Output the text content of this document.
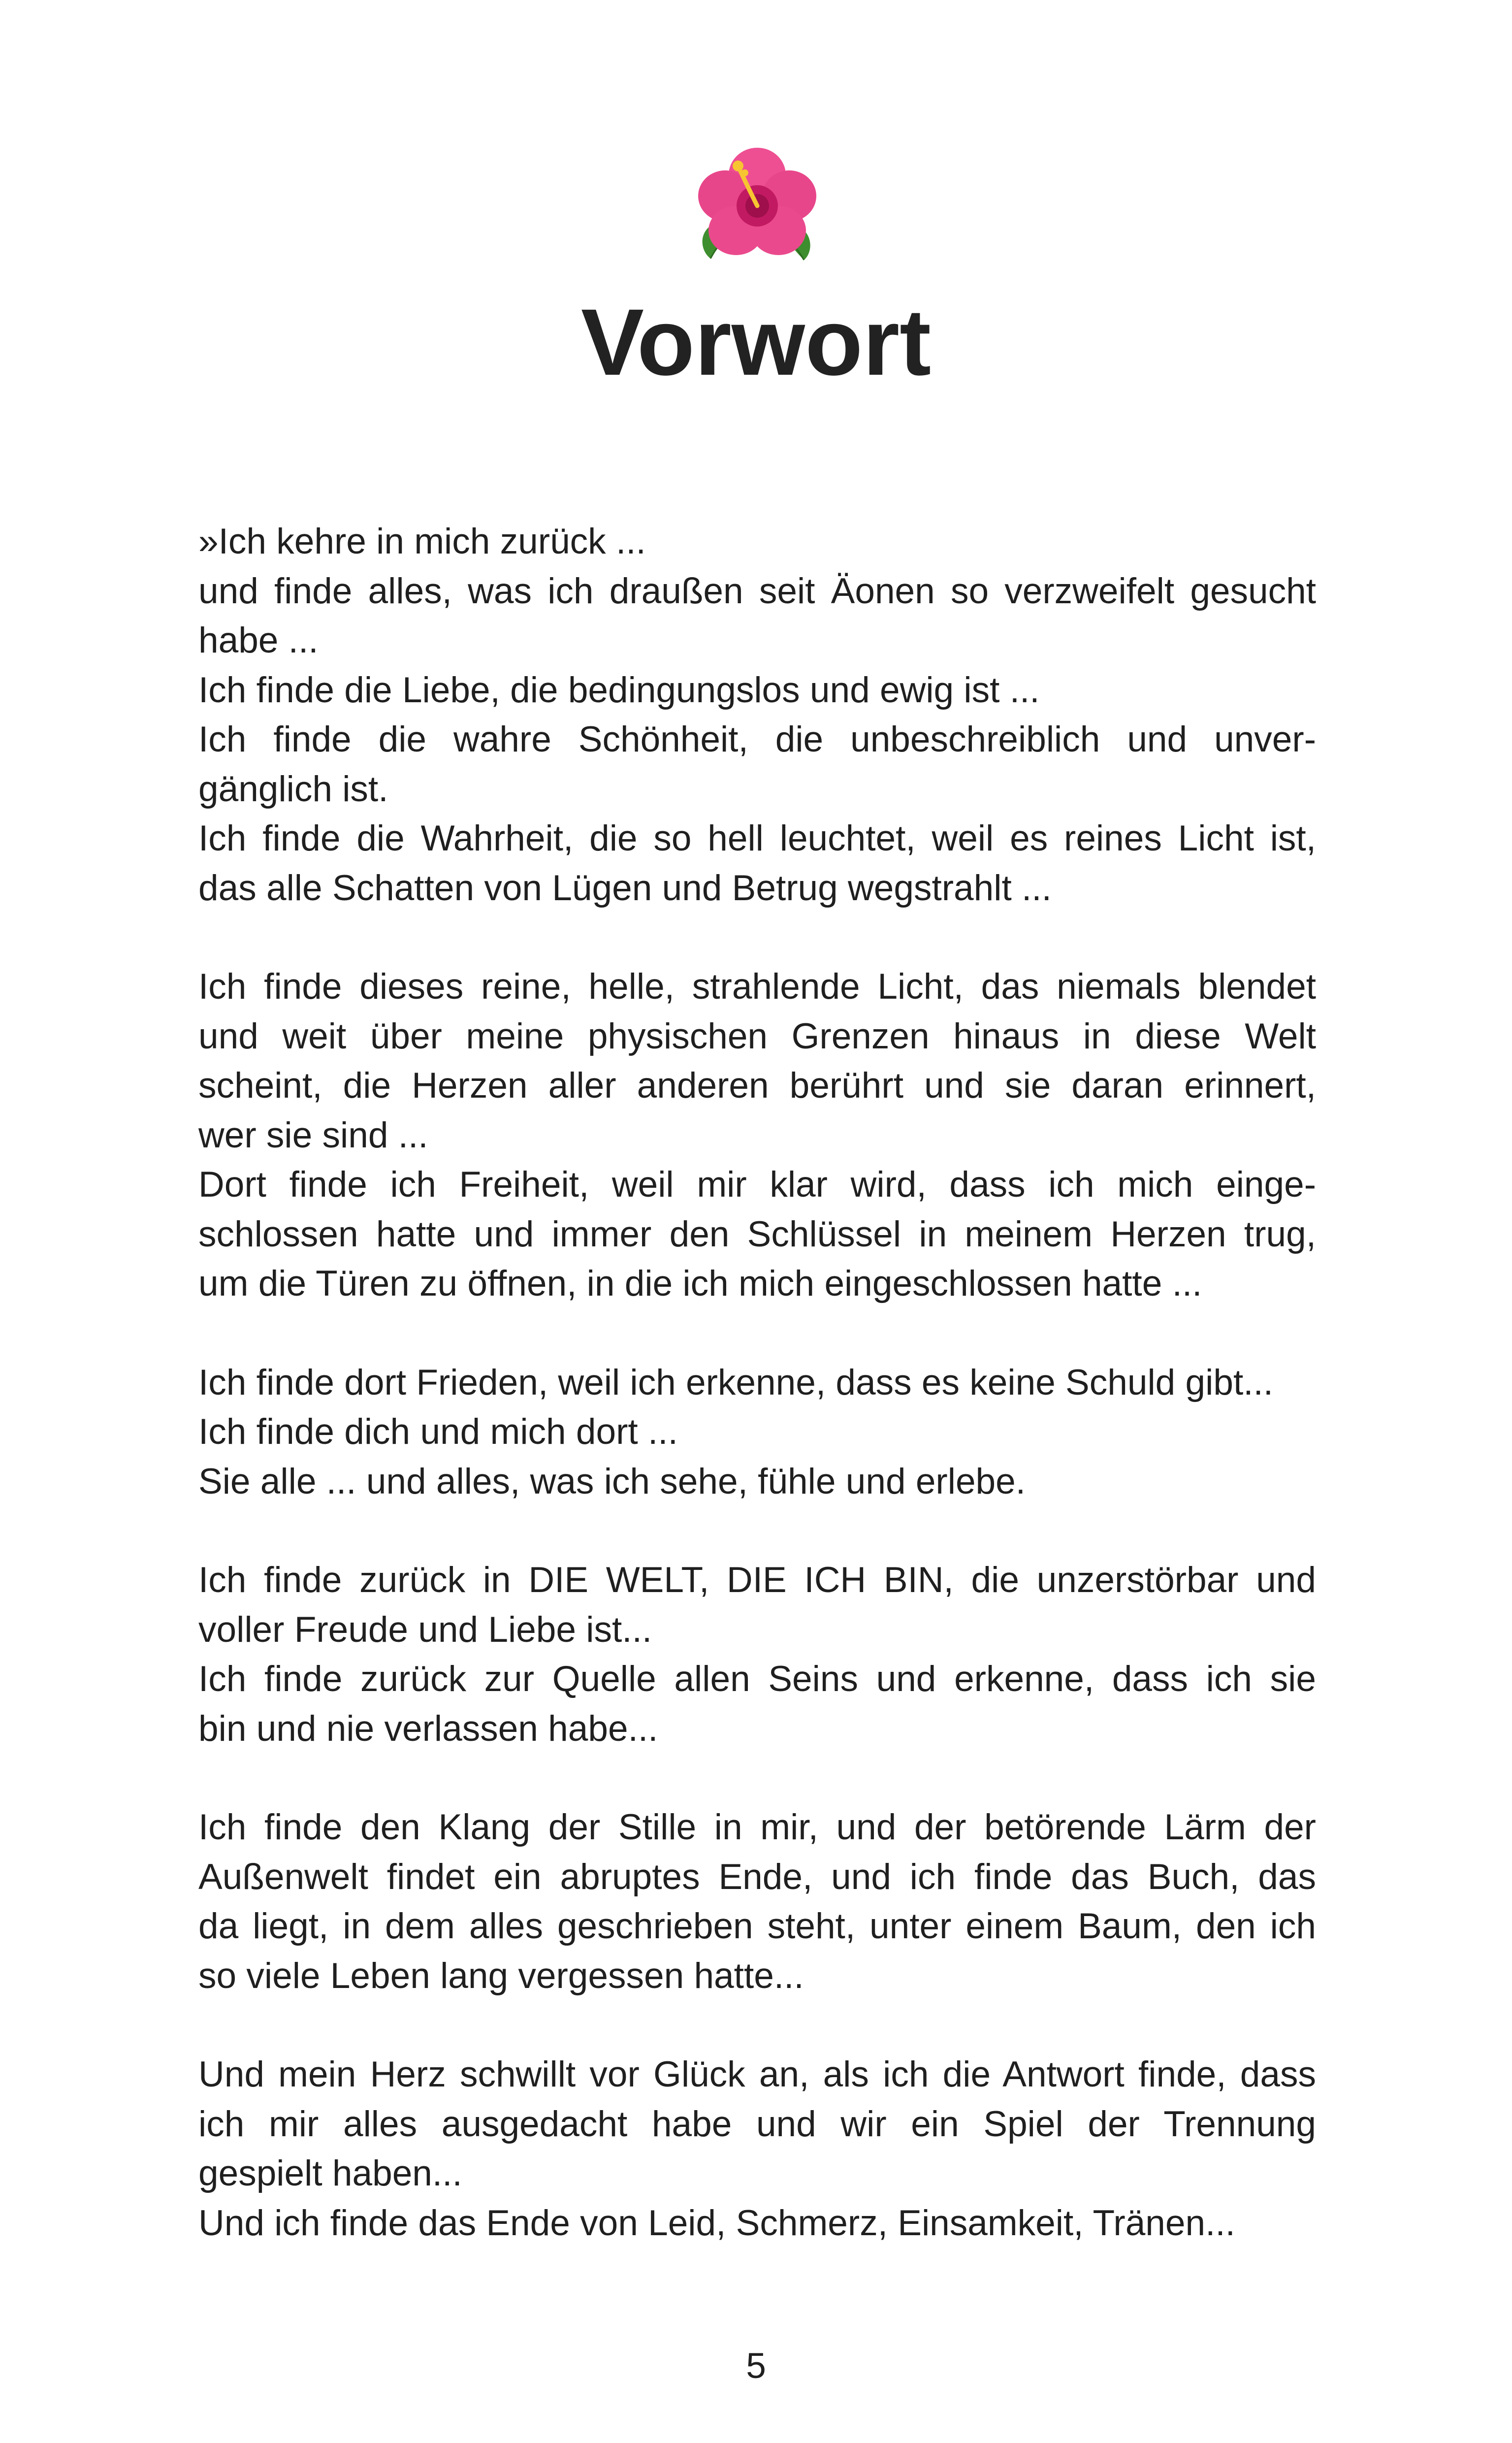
Vorwort

»Ich kehre in mich zurück ...
und finde alles, was ich draußen seit Äonen so verzweifelt gesucht
habe ...
Ich finde die Liebe, die bedingungslos und ewig ist ...
Ich finde die wahre Schönheit, die unbeschreiblich und unver-
gänglich ist.
Ich finde die Wahrheit, die so hell leuchtet, weil es reines Licht ist,
das alle Schatten von Lügen und Betrug wegstrahlt ...

Ich finde dieses reine, helle, strahlende Licht, das niemals blendet
und weit über meine physischen Grenzen hinaus in diese Welt
scheint, die Herzen aller anderen berührt und sie daran erinnert,
wer sie sind ...
Dort finde ich Freiheit, weil mir klar wird, dass ich mich einge-
schlossen hatte und immer den Schlüssel in meinem Herzen trug,
um die Türen zu öffnen, in die ich mich eingeschlossen hatte ...

Ich finde dort Frieden, weil ich erkenne, dass es keine Schuld gibt...
Ich finde dich und mich dort ...
Sie alle ... und alles, was ich sehe, fühle und erlebe.

Ich finde zurück in DIE WELT, DIE ICH BIN, die unzerstörbar und
voller Freude und Liebe ist...
Ich finde zurück zur Quelle allen Seins und erkenne, dass ich sie
bin und nie verlassen habe...

Ich finde den Klang der Stille in mir, und der betörende Lärm der
Außenwelt findet ein abruptes Ende, und ich finde das Buch, das
da liegt, in dem alles geschrieben steht, unter einem Baum, den ich
so viele Leben lang vergessen hatte...

Und mein Herz schwillt vor Glück an, als ich die Antwort finde, dass
ich mir alles ausgedacht habe und wir ein Spiel der Trennung
gespielt haben...
Und ich finde das Ende von Leid, Schmerz, Einsamkeit, Tränen...

5
